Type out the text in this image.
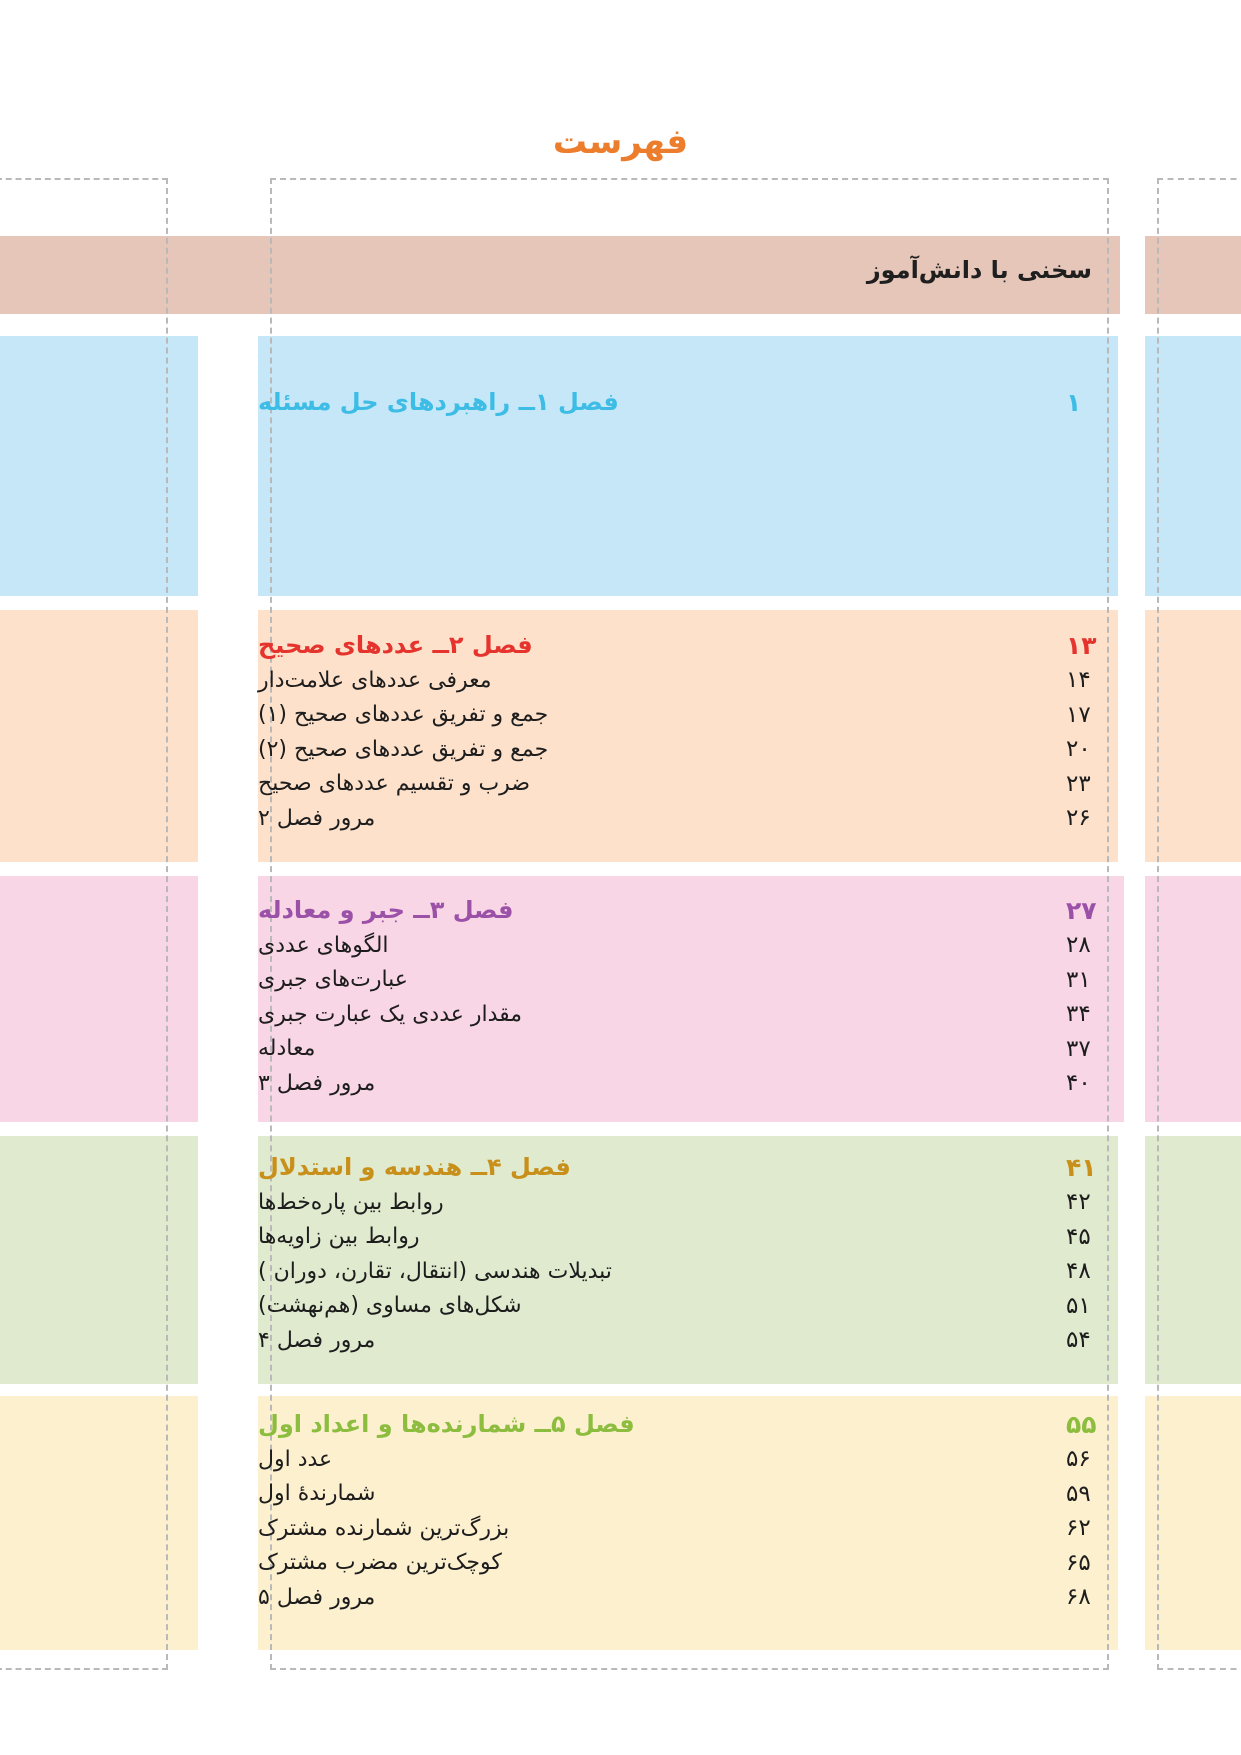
فهرست
سخنی با دانش‌آموز
فصل ۱ــ راهبردهای حل مسئله	۱
فصل ۲ــ عددهای صحیح	۱۳
معرفی عددهای علامت‌دار	۱۴
جمع و تفریق عددهای صحیح (۱)	۱۷
جمع و تفریق عددهای صحیح (۲)	۲۰
ضرب و تقسیم عددهای صحیح	۲۳
مرور فصل ۲	۲۶
فصل ۳ــ جبر و معادله	۲۷
الگوهای عددی	۲۸
عبارت‌های جبری	۳۱
مقدار عددی یک عبارت جبری	۳۴
معادله	۳۷
مرور فصل ۳	۴۰
فصل ۴ــ هندسه و استدلال	۴۱
روابط بین پاره‌خط‌ها	۴۲
روابط بین زاویه‌ها	۴۵
تبدیلات هندسی (انتقال، تقارن، دوران )	۴۸
شکل‌های مساوی (هم‌نهشت)	۵۱
مرور فصل ۴	۵۴
فصل ۵ــ شمارنده‌ها و اعداد اول	۵۵
عدد اول	۵۶
شمارندهٔ اول	۵۹
بزرگ‌ترین شمارنده مشترک	۶۲
کوچک‌ترین مضرب مشترک	۶۵
مرور فصل ۵	۶۸
